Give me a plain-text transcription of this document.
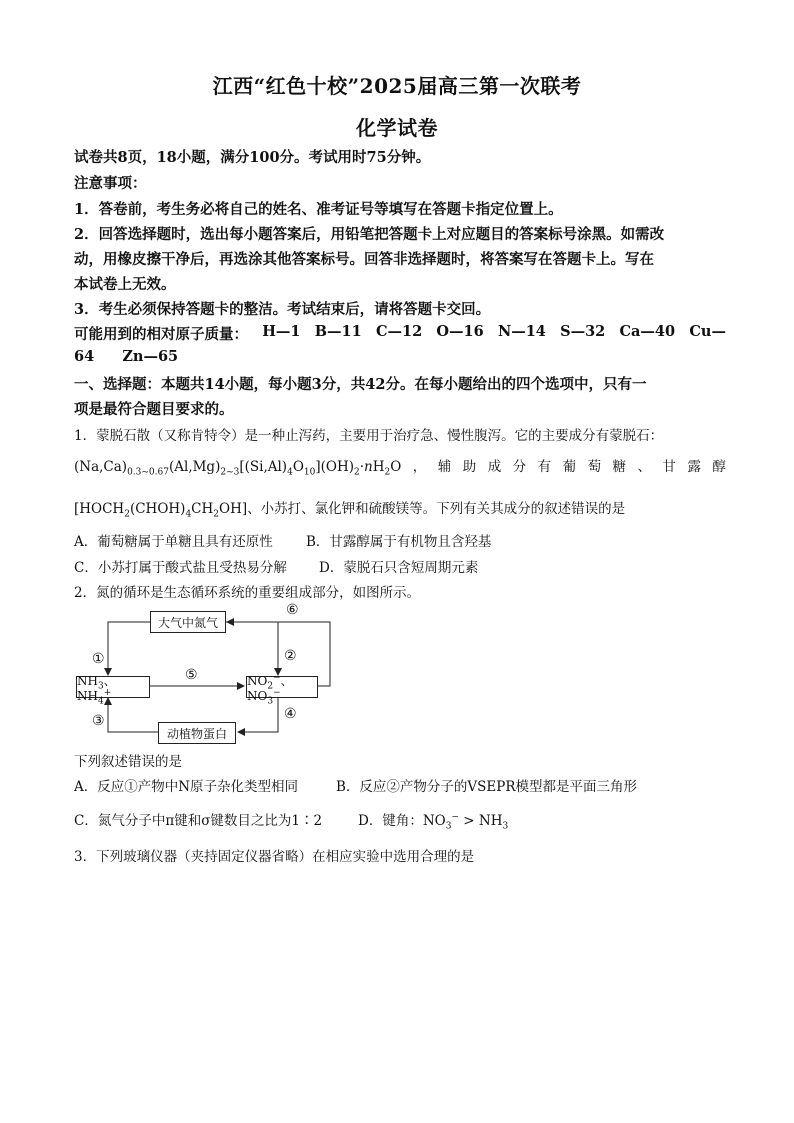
江西“红色十校”2025届高三第一次联考
化学试卷
试卷共8页，18小题，满分100分。考试用时75分钟。
注意事项：
1．答卷前，考生务必将自己的姓名、准考证号等填写在答题卡指定位置上。
2．回答选择题时，选出每小题答案后，用铅笔把答题卡上对应题目的答案标号涂黑。如需改
动，用橡皮擦干净后，再选涂其他答案标号。回答非选择题时，将答案写在答题卡上。写在
本试卷上无效。
3．考生必须保持答题卡的整洁。考试结束后，请将答题卡交回。
可能用到的相对原子质量： H—1 B—11 C—12 O—16 N—14 S—32 Ca—40 Cu—
64 Zn—65
一、选择题：本题共14小题，每小题3分，共42分。在每小题给出的四个选项中，只有一
项是最符合题目要求的。
1．蒙脱石散（又称肯特令）是一种止泻药，主要用于治疗急、慢性腹泻。它的主要成分有蒙脱石：
$(Na,Ca)_{0.3\sim 0.67}(Al,Mg)_{2\sim 3}[(Si,Al)_4O_{10}](OH)_2\cdot nH_2O$ ， 辅 助 成 分 有 葡 萄 糖 、 甘 露 醇
$[HOCH_2(CHOH)_4CH_2OH]$、小苏打、氯化钾和硫酸镁等。下列有关其成分的叙述错误的是
A．葡萄糖属于单糖且具有还原性 B．甘露醇属于有机物且含羟基
C．小苏打属于酸式盐且受热易分解 D．蒙脱石只含短周期元素
2．氮的循环是生态循环系统的重要组成部分，如图所示。
大气中氮气
$NH_3$、$NH_4^+$
$NO_2^-$、$NO_3^-$
动植物蛋白
①	②
③	④
⑤
⑥
下列叙述错误的是
A．反应①产物中N原子杂化类型相同	B．反应②产物分子的VSEPR模型都是平面三角形
C．氮气分子中π键和σ键数目之比为1∶2	D．键角：$NO_3^- > NH_3$
3．下列玻璃仪器（夹持固定仪器省略）在相应实验中选用合理的是
